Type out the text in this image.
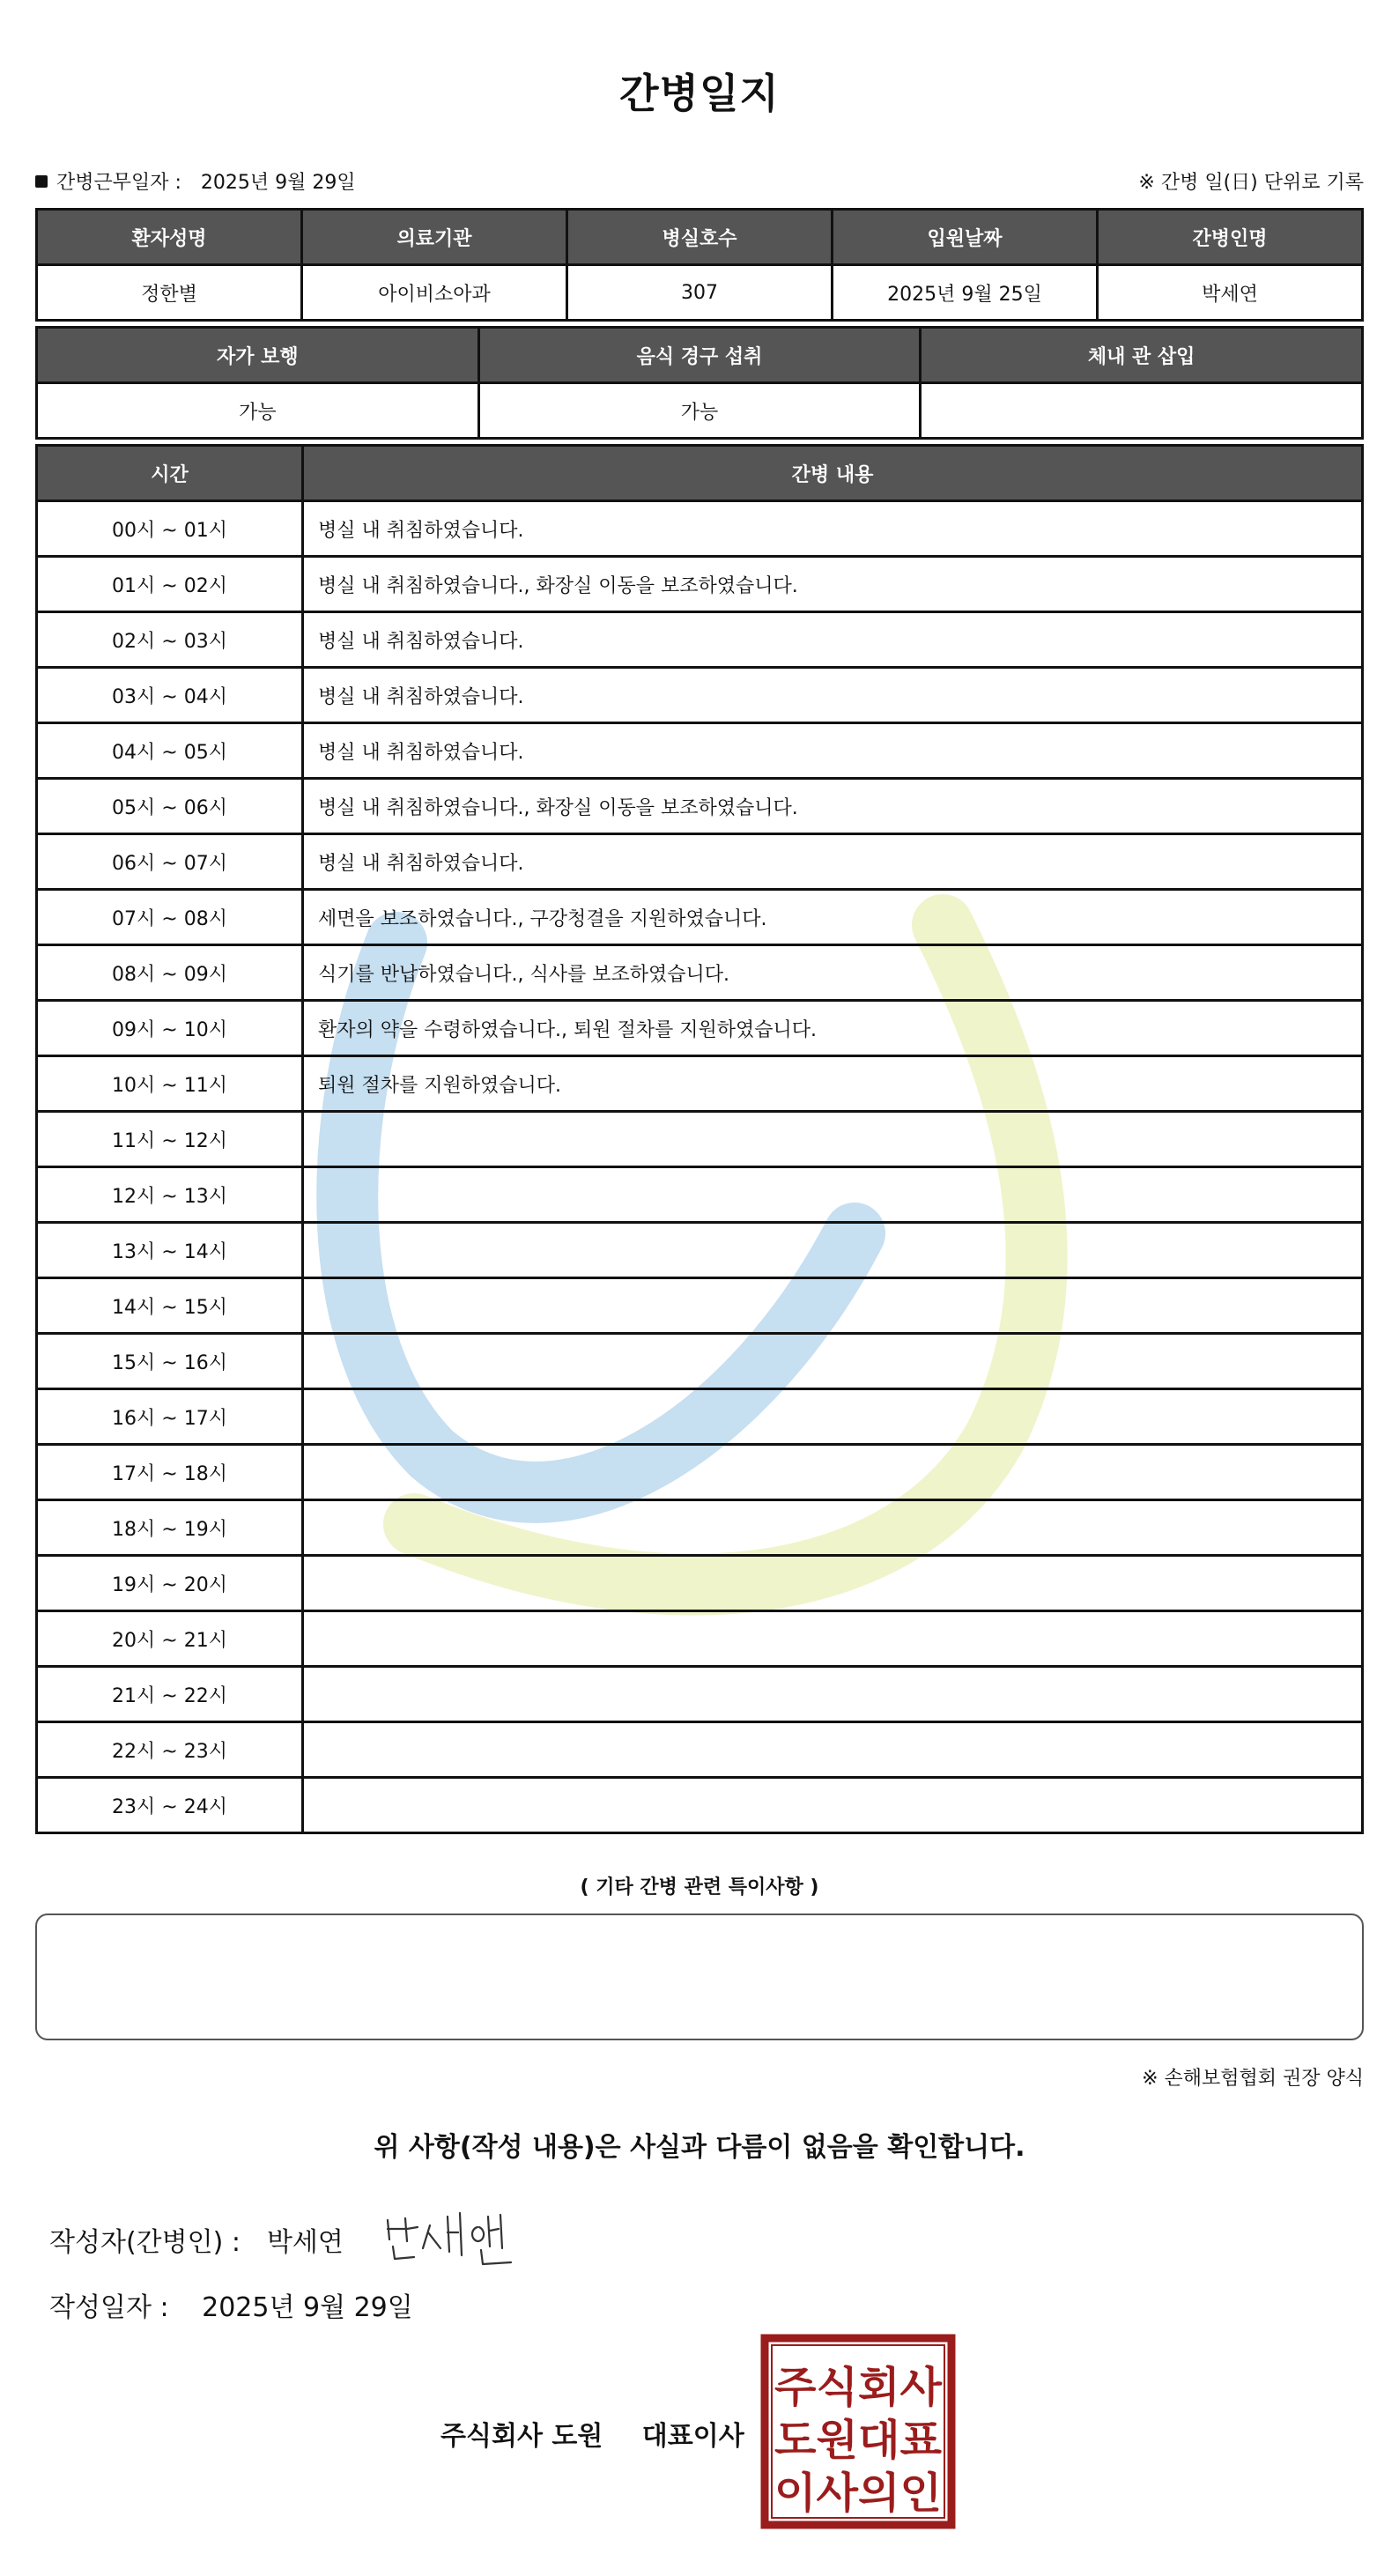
간병일지
간병근무일자 : 2025년 9월 29일	※ 간병 일(日) 단위로 기록
환자성명	의료기관	병실호수	입원날짜	간병인명
정한별	아이비소아과	307	2025년 9월 25일	박세연
자가 보행	음식 경구 섭취	체내 관 삽입
가능	가능	
시간	간병 내용
00시 ~ 01시	병실 내 취침하였습니다.
01시 ~ 02시	병실 내 취침하였습니다., 화장실 이동을 보조하였습니다.
02시 ~ 03시	병실 내 취침하였습니다.
03시 ~ 04시	병실 내 취침하였습니다.
04시 ~ 05시	병실 내 취침하였습니다.
05시 ~ 06시	병실 내 취침하였습니다., 화장실 이동을 보조하였습니다.
06시 ~ 07시	병실 내 취침하였습니다.
07시 ~ 08시	세면을 보조하였습니다., 구강청결을 지원하였습니다.
08시 ~ 09시	식기를 반납하였습니다., 식사를 보조하였습니다.
09시 ~ 10시	환자의 약을 수령하였습니다., 퇴원 절차를 지원하였습니다.
10시 ~ 11시	퇴원 절차를 지원하였습니다.
11시 ~ 12시	
12시 ~ 13시	
13시 ~ 14시	
14시 ~ 15시	
15시 ~ 16시	
16시 ~ 17시	
17시 ~ 18시	
18시 ~ 19시	
19시 ~ 20시	
20시 ~ 21시	
21시 ~ 22시	
22시 ~ 23시	
23시 ~ 24시	
( 기타 간병 관련 특이사항 )
※ 손해보험협회 권장 양식
위 사항(작성 내용)은 사실과 다름이 없음을 확인합니다.
작성자(간병인) : 박세연
작성일자 : 2025년 9월 29일
주식회사 도원 대표이사
주식회사
도원대표
이사의인
